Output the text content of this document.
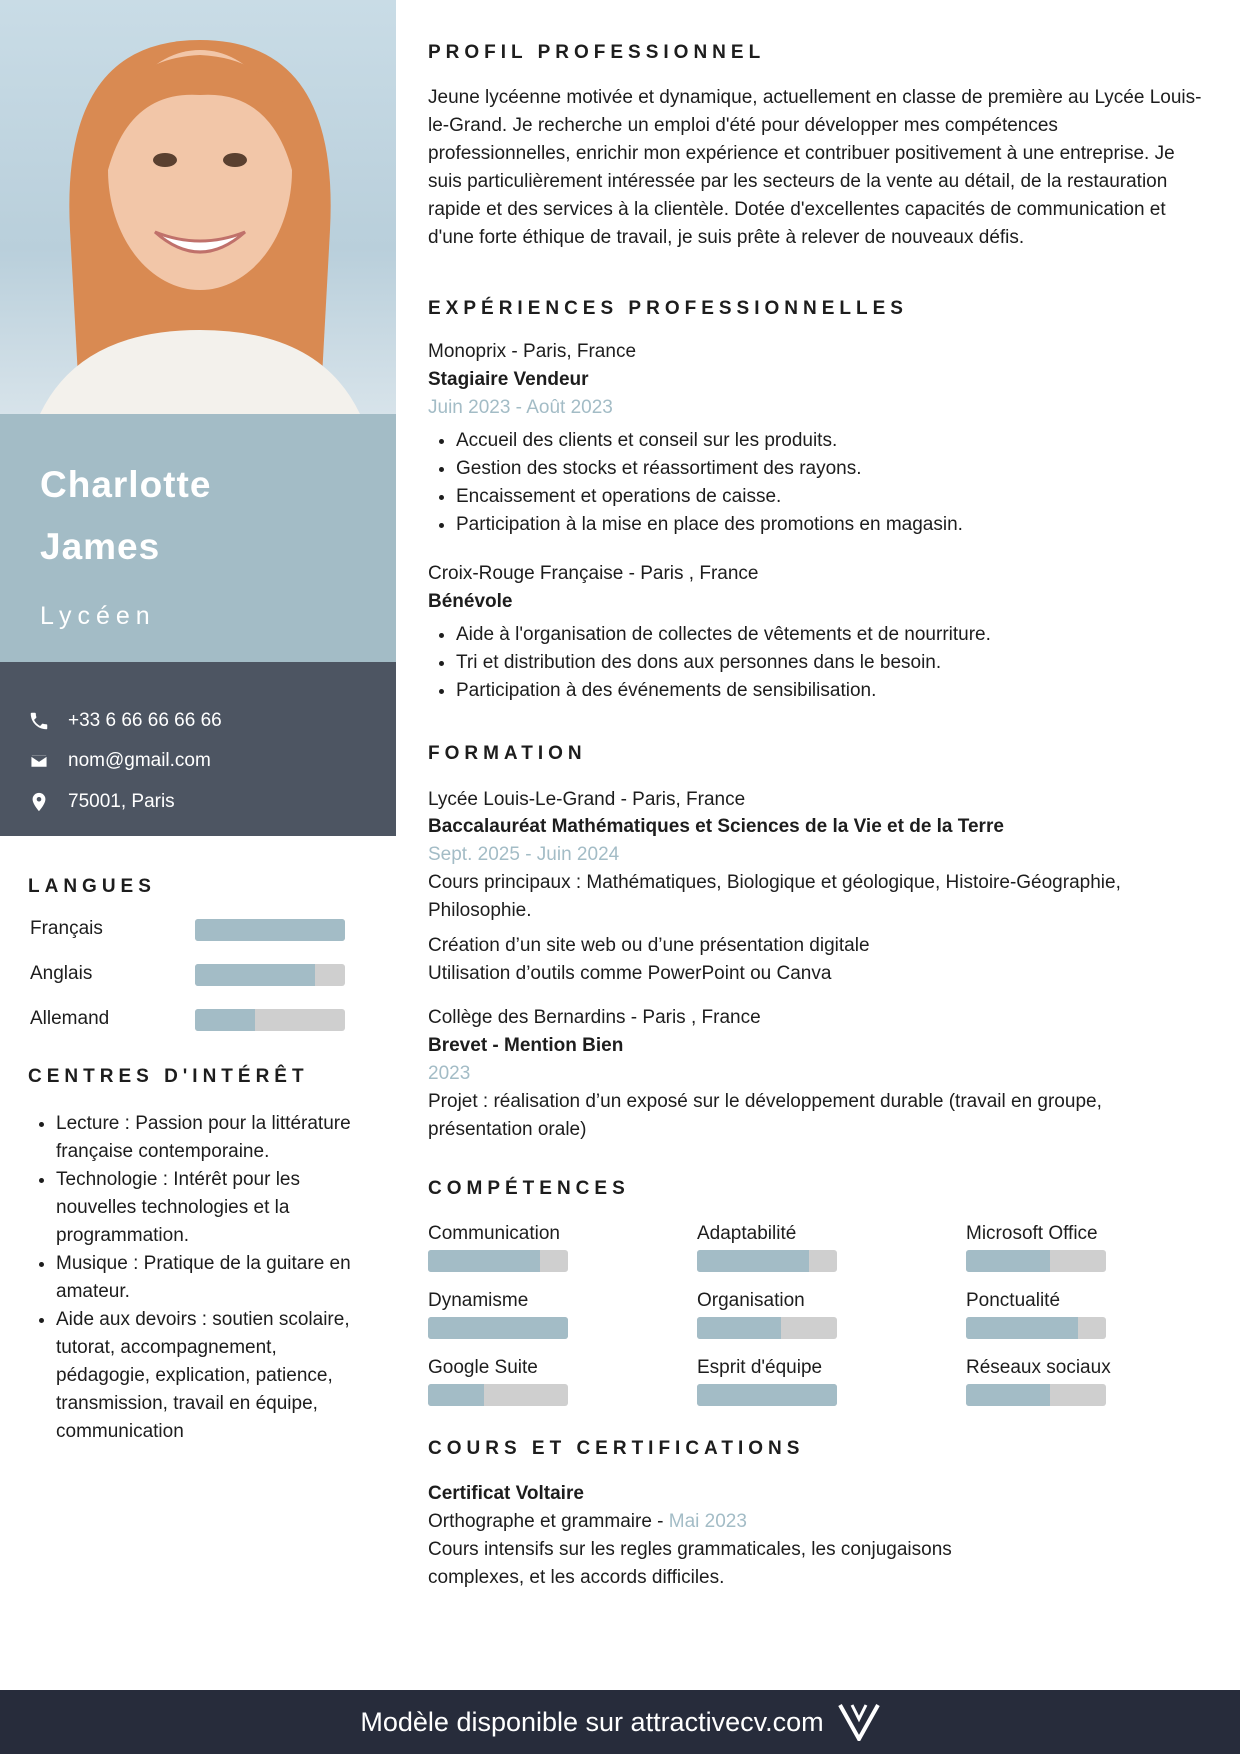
Charlotte
James
Lycéen
+33 6 66 66 66 66
nom@gmail.com
75001, Paris
LANGUES
Français
Anglais
Allemand
CENTRES D'INTÉRÊT
• Lecture : Passion pour la littérature française contemporaine.
• Technologie : Intérêt pour les nouvelles technologies et la programmation.
• Musique : Pratique de la guitare en amateur.
• Aide aux devoirs : soutien scolaire, tutorat, accompagnement, pédagogie, explication, patience, transmission, travail en équipe, communication
PROFIL PROFESSIONNEL
Jeune lycéenne motivée et dynamique, actuellement en classe de première au Lycée Louis-le-Grand. Je recherche un emploi d'été pour développer mes compétences professionnelles, enrichir mon expérience et contribuer positivement à une entreprise. Je suis particulièrement intéressée par les secteurs de la vente au détail, de la restauration rapide et des services à la clientèle. Dotée d'excellentes capacités de communication et d'une forte éthique de travail, je suis prête à relever de nouveaux défis.
EXPÉRIENCES PROFESSIONNELLES
Monoprix - Paris, France
Stagiaire Vendeur
Juin 2023 - Août 2023
• Accueil des clients et conseil sur les produits.
• Gestion des stocks et réassortiment des rayons.
• Encaissement et operations de caisse.
• Participation à la mise en place des promotions en magasin.
Croix-Rouge Française - Paris , France
Bénévole
• Aide à l'organisation de collectes de vêtements et de nourriture.
• Tri et distribution des dons aux personnes dans le besoin.
• Participation à des événements de sensibilisation.
FORMATION
Lycée Louis-Le-Grand - Paris, France
Baccalauréat Mathématiques et Sciences de la Vie et de la Terre
Sept. 2025 - Juin 2024
Cours principaux : Mathématiques, Biologique et géologique, Histoire-Géographie, Philosophie.
Création d’un site web ou d’une présentation digitale
Utilisation d’outils comme PowerPoint ou Canva
Collège des Bernardins - Paris , France
Brevet - Mention Bien
2023
Projet : réalisation d’un exposé sur le développement durable (travail en groupe, présentation orale)
COMPÉTENCES
Communication	Adaptabilité	Microsoft Office
Dynamisme	Organisation	Ponctualité
Google Suite	Esprit d'équipe	Réseaux sociaux
COURS ET CERTIFICATIONS
Certificat Voltaire
Orthographe et grammaire - Mai 2023
Cours intensifs sur les regles grammaticales, les conjugaisons complexes, et les accords difficiles.
Modèle disponible sur attractivecv.com
